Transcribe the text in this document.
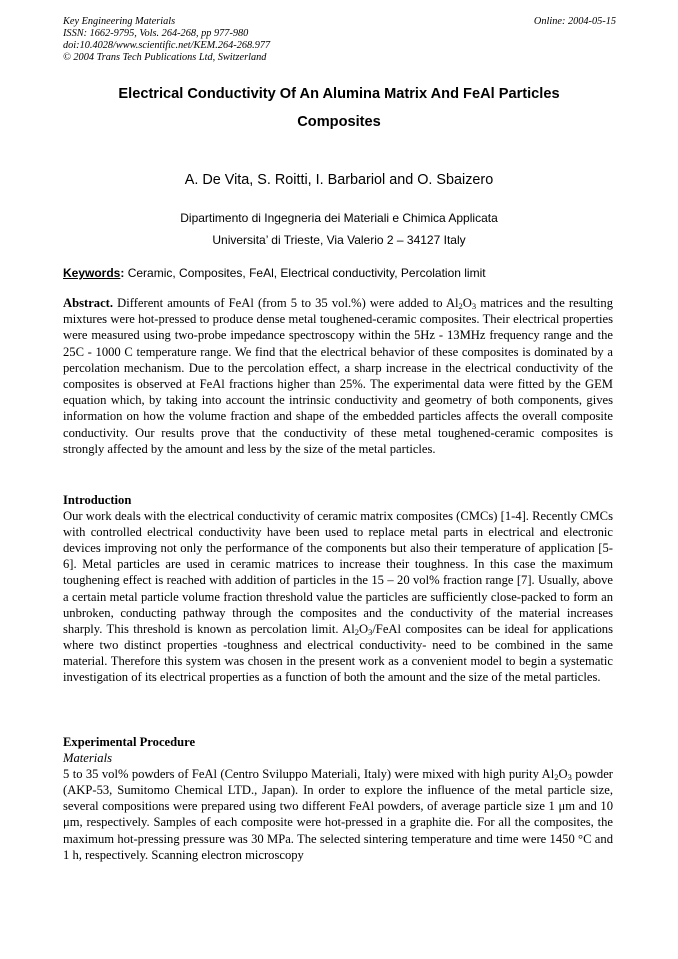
Key Engineering Materials
ISSN: 1662-9795, Vols. 264-268, pp 977-980
doi:10.4028/www.scientific.net/KEM.264-268.977
© 2004 Trans Tech Publications Ltd, Switzerland
Online: 2004-05-15
Electrical Conductivity Of An Alumina Matrix And FeAl Particles
Composites
A. De Vita, S. Roitti, I. Barbariol and O. Sbaizero
Dipartimento di Ingegneria dei Materiali e Chimica Applicata
Universita’ di Trieste, Via Valerio 2 – 34127 Italy
Keywords: Ceramic, Composites, FeAl, Electrical conductivity, Percolation limit

Abstract. Different amounts of FeAl (from 5 to 35 vol.%) were added to $Al_2O_3$ matrices and the resulting mixtures were hot-pressed to produce dense metal toughened-ceramic composites. Their electrical properties were measured using two-probe impedance spectroscopy within the 5Hz - 13MHz frequency range and the 25C - 1000 C temperature range. We find that the electrical behavior of these composites is dominated by a percolation mechanism. Due to the percolation effect, a sharp increase in the electrical conductivity of the composites is observed at FeAl fractions higher than 25%. The experimental data were fitted by the GEM equation which, by taking into account the intrinsic conductivity and geometry of both components, gives information on how the volume fraction and shape of the embedded particles affects the overall composite conductivity. Our results prove that the conductivity of these metal toughened-ceramic composites is strongly affected by the amount and less by the size of the metal particles.

Introduction

Our work deals with the electrical conductivity of ceramic matrix composites (CMCs) [1-4]. Recently CMCs with controlled electrical conductivity have been used to replace metal parts in electrical and electronic devices improving not only the performance of the components but also their temperature of application [5-6]. Metal particles are used in ceramic matrices to increase their toughness. In this case the maximum toughening effect is reached with addition of particles in the 15 – 20 vol% fraction range [7]. Usually, above a certain metal particle volume fraction threshold value the particles are sufficiently close-packed to form an unbroken, conducting pathway through the composites and the conductivity of the material increases sharply. This threshold is known as percolation limit. $Al_2O_3$/FeAl composites can be ideal for applications where two distinct properties -toughness and electrical conductivity- need to be combined in the same material. Therefore this system was chosen in the present work as a convenient model to begin a systematic investigation of its electrical properties as a function of both the amount and the size of the metal particles.

Experimental Procedure
Materials

5 to 35 vol% powders of FeAl (Centro Sviluppo Materiali, Italy) were mixed with high purity $Al_2O_3$ powder (AKP-53, Sumitomo Chemical LTD., Japan). In order to explore the influence of the metal particle size, several compositions were prepared using two different FeAl powders, of average particle size 1 μm and 10 μm, respectively. Samples of each composite were hot-pressed in a graphite die. For all the composites, the maximum hot-pressing pressure was 30 MPa. The selected sintering temperature and time were 1450 °C and 1 h, respectively. Scanning electron microscopy
